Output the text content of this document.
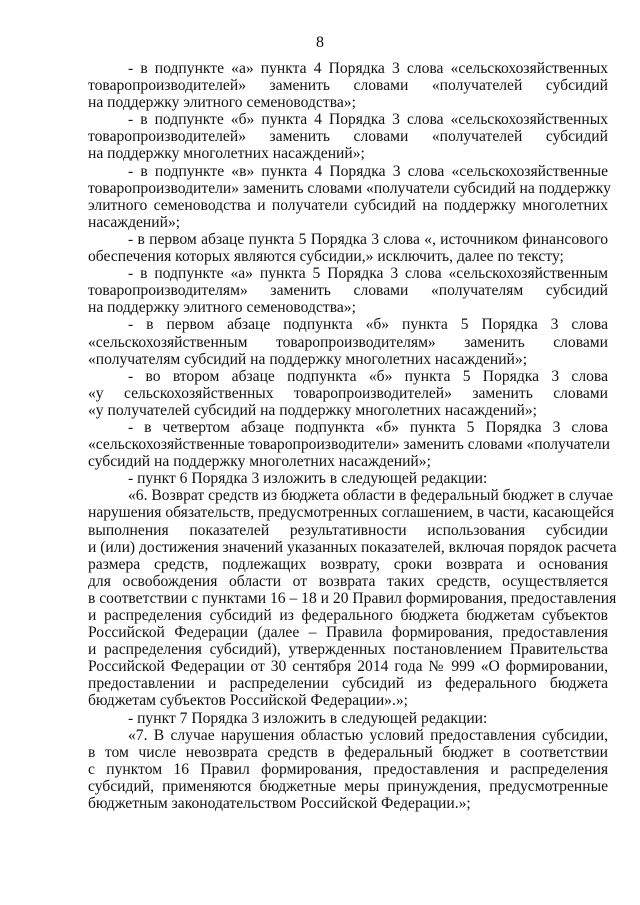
8
- в подпункте «а» пункта 4 Порядка 3 слова «сельскохозяйственных
товаропроизводителей» заменить словами «получателей субсидий
на поддержку элитного семеноводства»;
- в подпункте «б» пункта 4 Порядка 3 слова «сельскохозяйственных
товаропроизводителей» заменить словами «получателей субсидий
на поддержку многолетних насаждений»;
- в подпункте «в» пункта 4 Порядка 3 слова «сельскохозяйственные
товаропроизводители» заменить словами «получатели субсидий на поддержку
элитного семеноводства и получатели субсидий на поддержку многолетних
насаждений»;
- в первом абзаце пункта 5 Порядка 3 слова «, источником финансового
обеспечения которых являются субсидии,» исключить, далее по тексту;
- в подпункте «а» пункта 5 Порядка 3 слова «сельскохозяйственным
товаропроизводителям» заменить словами «получателям субсидий
на поддержку элитного семеноводства»;
- в первом абзаце подпункта «б» пункта 5 Порядка 3 слова
«сельскохозяйственным товаропроизводителям» заменить словами
«получателям субсидий на поддержку многолетних насаждений»;
- во втором абзаце подпункта «б» пункта 5 Порядка 3 слова
«у сельскохозяйственных товаропроизводителей» заменить словами
«у получателей субсидий на поддержку многолетних насаждений»;
- в четвертом абзаце подпункта «б» пункта 5 Порядка 3 слова
«сельскохозяйственные товаропроизводители» заменить словами «получатели
субсидий на поддержку многолетних насаждений»;
- пункт 6 Порядка 3 изложить в следующей редакции:
«6. Возврат средств из бюджета области в федеральный бюджет в случае
нарушения обязательств, предусмотренных соглашением, в части, касающейся
выполнения показателей результативности использования субсидии
и (или) достижения значений указанных показателей, включая порядок расчета
размера средств, подлежащих возврату, сроки возврата и основания
для освобождения области от возврата таких средств, осуществляется
в соответствии с пунктами 16 – 18 и 20 Правил формирования, предоставления
и распределения субсидий из федерального бюджета бюджетам субъектов
Российской Федерации (далее – Правила формирования, предоставления
и распределения субсидий), утвержденных постановлением Правительства
Российской Федерации от 30 сентября 2014 года № 999 «О формировании,
предоставлении и распределении субсидий из федерального бюджета
бюджетам субъектов Российской Федерации».»;
- пункт 7 Порядка 3 изложить в следующей редакции:
«7. В случае нарушения областью условий предоставления субсидии,
в том числе невозврата средств в федеральный бюджет в соответствии
с пунктом 16 Правил формирования, предоставления и распределения
субсидий, применяются бюджетные меры принуждения, предусмотренные
бюджетным законодательством Российской Федерации.»;
